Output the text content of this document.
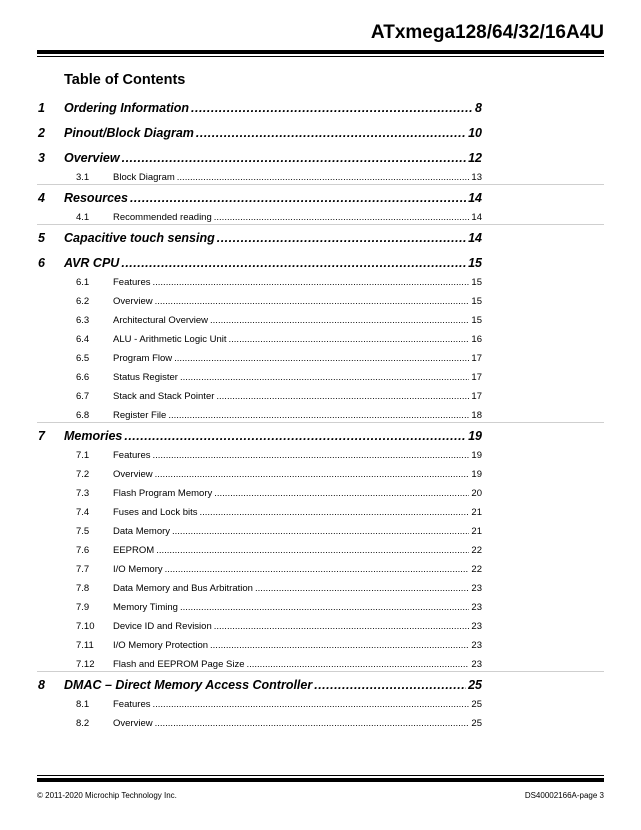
ATxmega128/64/32/16A4U
Table of Contents
1 Ordering Information .....	8
2 Pinout/Block Diagram .....	10
3 Overview .....	12
3.1	Block Diagram .....	13
4 Resources .....	14
4.1	Recommended reading .....	14
5 Capacitive touch sensing .....	14
6 AVR CPU .....	15
6.1	Features .....	15
6.2	Overview .....	15
6.3	Architectural Overview .....	15
6.4	ALU - Arithmetic Logic Unit .....	16
6.5	Program Flow .....	17
6.6	Status Register .....	17
6.7	Stack and Stack Pointer .....	17
6.8	Register File .....	18
7 Memories .....	19
7.1	Features .....	19
7.2	Overview .....	19
7.3	Flash Program Memory .....	20
7.4	Fuses and Lock bits .....	21
7.5	Data Memory .....	21
7.6	EEPROM .....	22
7.7	I/O Memory .....	22
7.8	Data Memory and Bus Arbitration .....	23
7.9	Memory Timing .....	23
7.10 Device ID and Revision .....	23
7.11 I/O Memory Protection .....	23
7.12 Flash and EEPROM Page Size .....	23
8 DMAC – Direct Memory Access Controller .....	25
8.1	Features .....	25
8.2	Overview .....	25
© 2011-2020 Microchip Technology Inc.	DS40002166A-page 3
